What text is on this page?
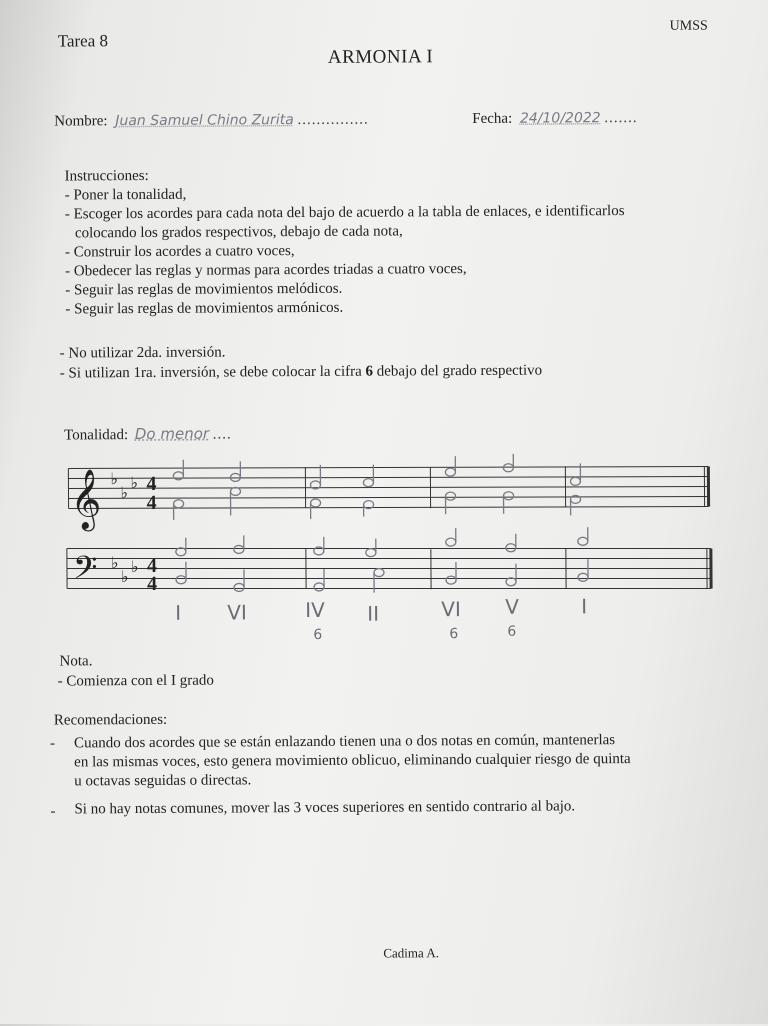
Tarea 8
UMSS
ARMONIA I
Nombre: Juan Samuel Chino Zurita ...............	Fecha: 24/10/2022 .......
Instrucciones:
- Poner la tonalidad,
- Escoger los acordes para cada nota del bajo de acuerdo a la tabla de enlaces, e identificarlos
colocando los grados respectivos, debajo de cada nota,
- Construir los acordes a cuatro voces,
- Obedecer las reglas y normas para acordes triadas a cuatro voces,
- Seguir las reglas de movimientos melódicos.
- Seguir las reglas de movimientos armónicos.
- No utilizar 2da. inversión.
- Si utilizan 1ra. inversión, se debe colocar la cifra 6 debajo del grado respectivo
Tonalidad: Do menor ....
𝄞
𝄢
♭
♭
♭
♭
♭
♭
4
4
4
4
I VI	IV
6
II	VI
6
V
6
I
Nota.
- Comienza con el I grado
Recomendaciones:
- Cuando dos acordes que se están enlazando tienen una o dos notas en común, mantenerlas
en las mismas voces, esto genera movimiento oblicuo, eliminando cualquier riesgo de quinta
u octavas seguidas o directas.
- Si no hay notas comunes, mover las 3 voces superiores en sentido contrario al bajo.
Cadima A.
